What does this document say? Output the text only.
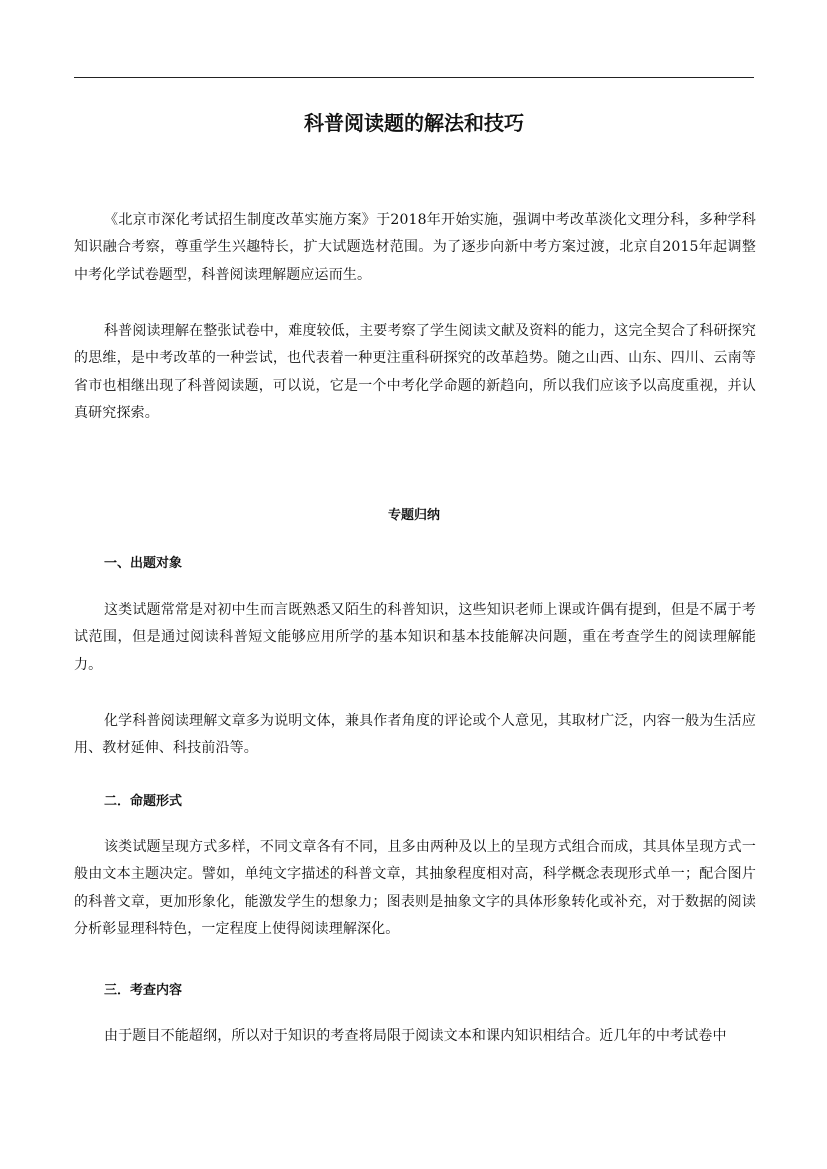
科普阅读题的解法和技巧

《北京市深化考试招生制度改革实施方案》于2018年开始实施，强调中考改革淡化文理分科，多种学科知识融合考察，尊重学生兴趣特长，扩大试题选材范围。为了逐步向新中考方案过渡，北京自2015年起调整中考化学试卷题型，科普阅读理解题应运而生。

科普阅读理解在整张试卷中，难度较低，主要考察了学生阅读文献及资料的能力，这完全契合了科研探究的思维，是中考改革的一种尝试，也代表着一种更注重科研探究的改革趋势。随之山西、山东、四川、云南等省市也相继出现了科普阅读题，可以说，它是一个中考化学命题的新趋向，所以我们应该予以高度重视，并认真研究探索。

专题归纳
一、出题对象

这类试题常常是对初中生而言既熟悉又陌生的科普知识，这些知识老师上课或许偶有提到，但是不属于考试范围，但是通过阅读科普短文能够应用所学的基本知识和基本技能解决问题，重在考查学生的阅读理解能力。

化学科普阅读理解文章多为说明文体，兼具作者角度的评论或个人意见，其取材广泛，内容一般为生活应用、教材延伸、科技前沿等。

二．命题形式

该类试题呈现方式多样，不同文章各有不同，且多由两种及以上的呈现方式组合而成，其具体呈现方式一般由文本主题决定。譬如，单纯文字描述的科普文章，其抽象程度相对高，科学概念表现形式单一；配合图片的科普文章，更加形象化，能激发学生的想象力；图表则是抽象文字的具体形象转化或补充，对于数据的阅读分析彰显理科特色，一定程度上使得阅读理解深化。

三．考查内容

由于题目不能超纲，所以对于知识的考查将局限于阅读文本和课内知识相结合。近几年的中考试卷中
